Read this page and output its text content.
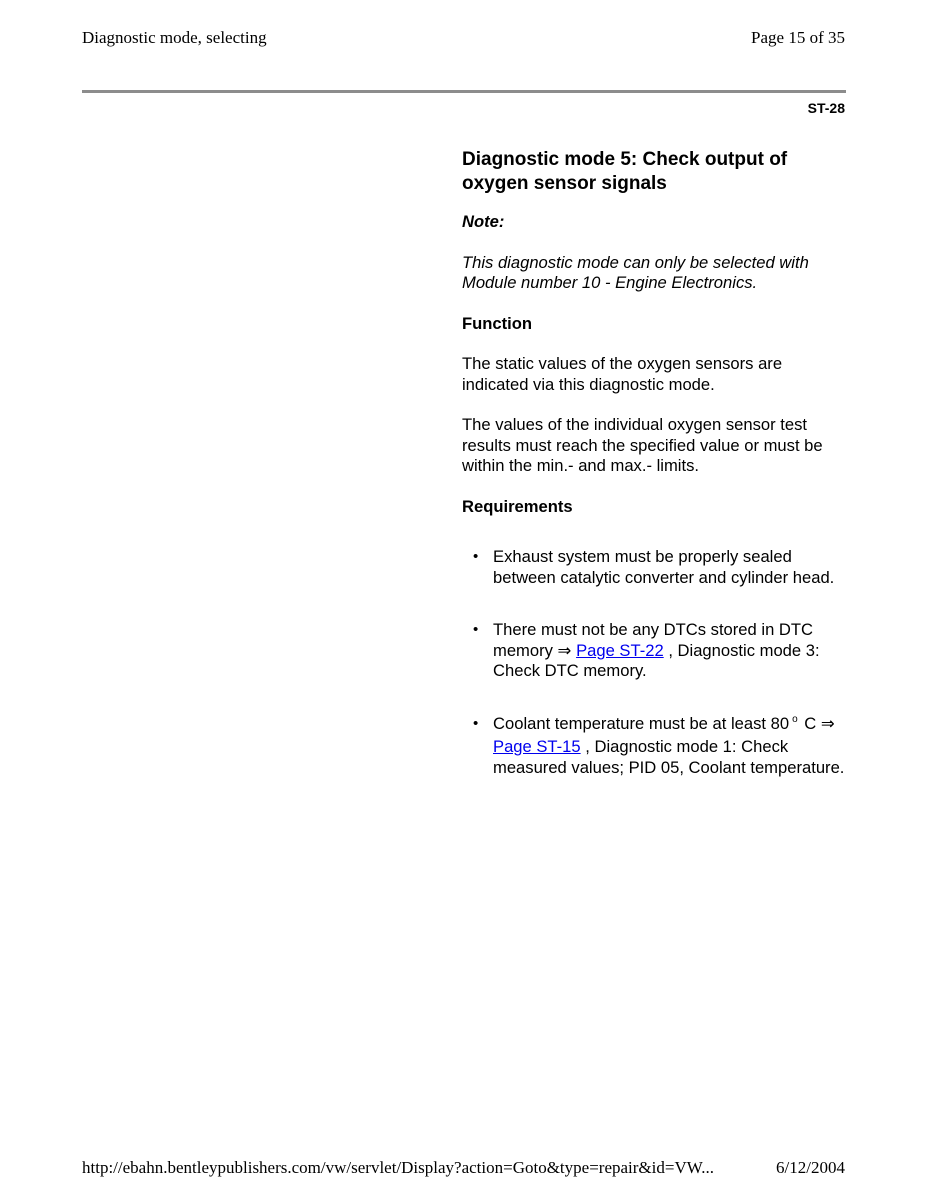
Diagnostic mode, selecting	Page 15 of 35
ST-28
Diagnostic mode 5: Check output of oxygen sensor signals
Note:
This diagnostic mode can only be selected with Module number 10 - Engine Electronics.
Function

The static values of the oxygen sensors are indicated via this diagnostic mode.

The values of the individual oxygen sensor test results must reach the specified value or must be within the min.- and max.- limits.

Requirements
• Exhaust system must be properly sealed between catalytic converter and cylinder head.
• There must not be any DTCs stored in DTC memory ⇒ Page ST-22 , Diagnostic mode 3: Check DTC memory.
• Coolant temperature must be at least 80 $^o$ C ⇒ Page ST-15 , Diagnostic mode 1: Check measured values; PID 05, Coolant temperature.
http://ebahn.bentleypublishers.com/vw/servlet/Display?action=Goto&type=repair&id=VW...	6/12/2004
